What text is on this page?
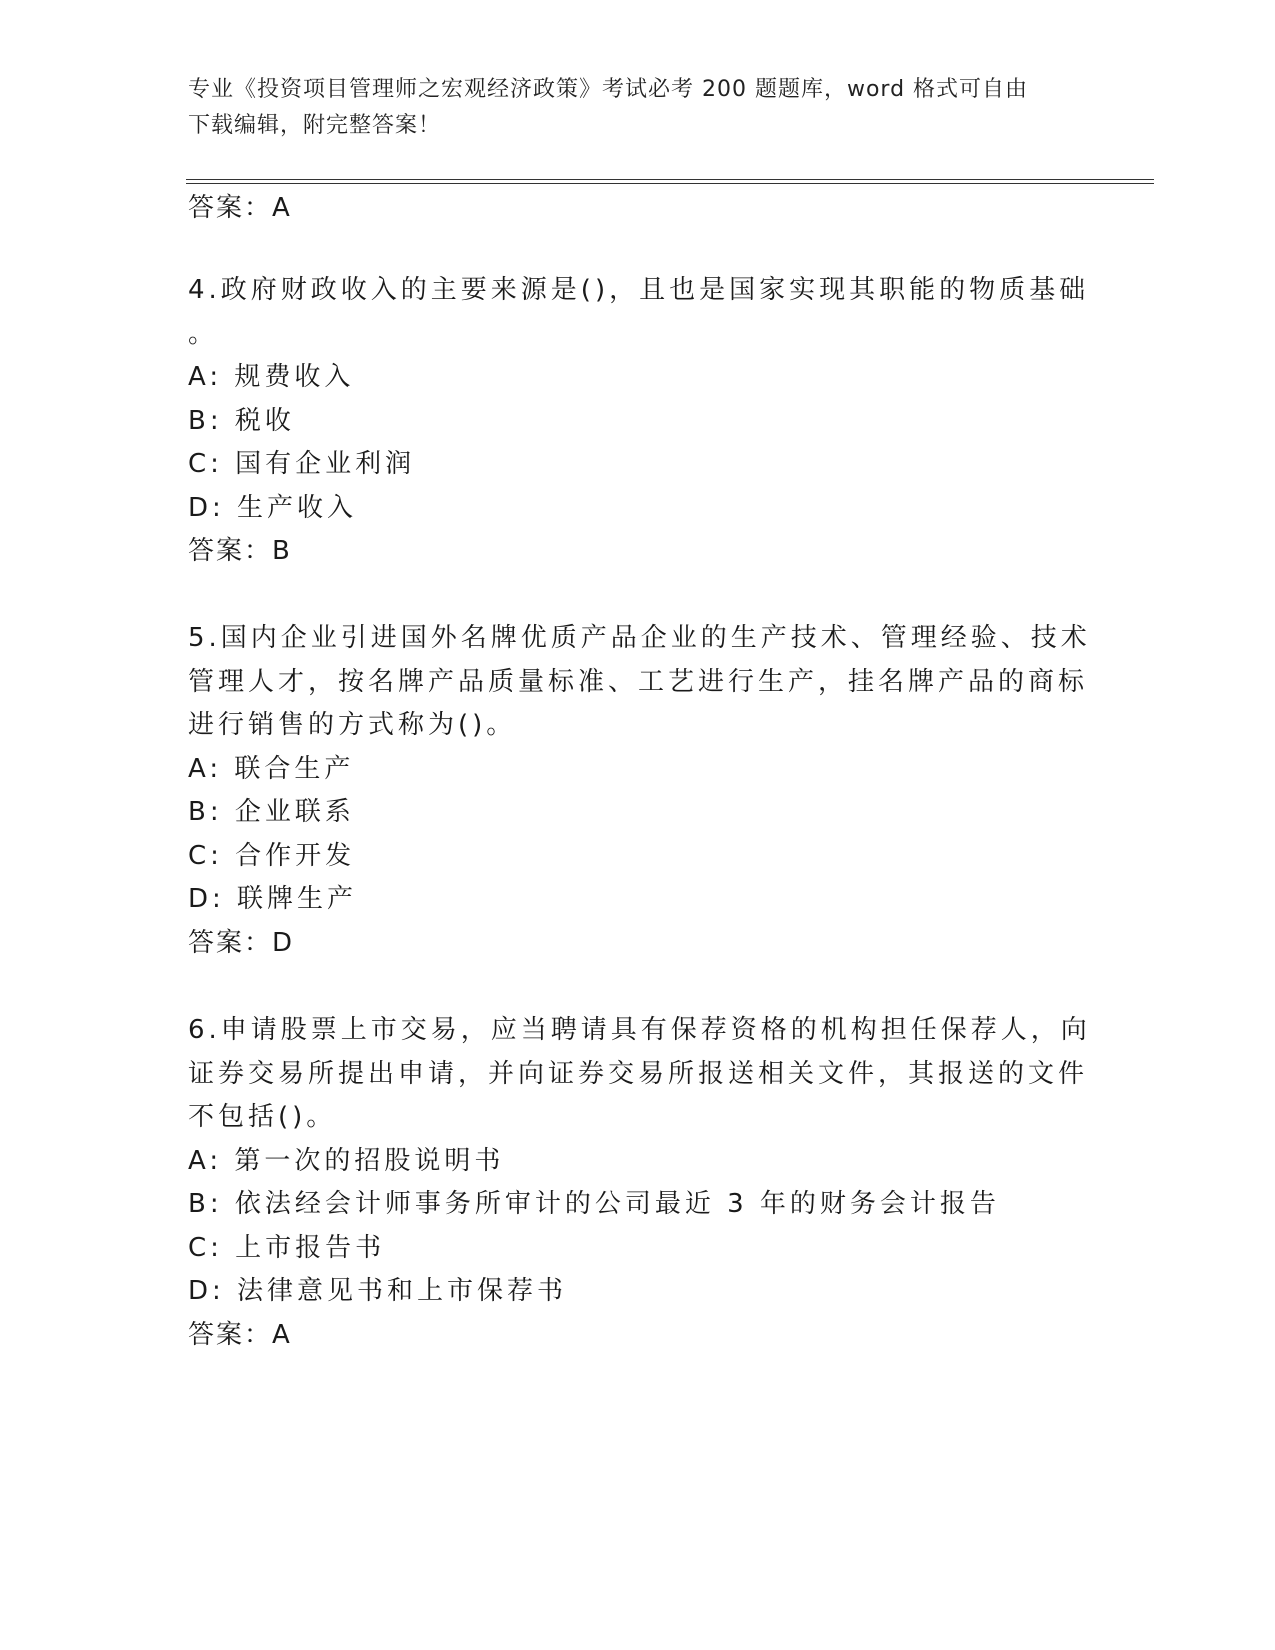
专业《投资项目管理师之宏观经济政策》考试必考 200 题题库，word 格式可自由
下载编辑，附完整答案！
答案：A
4.政府财政收入的主要来源是()，且也是国家实现其职能的物质基础
。
A: 规费收入
B: 税收
C: 国有企业利润
D: 生产收入
答案：B
5.国内企业引进国外名牌优质产品企业的生产技术、管理经验、技术
管理人才，按名牌产品质量标准、工艺进行生产，挂名牌产品的商标
进行销售的方式称为()。
A: 联合生产
B: 企业联系
C: 合作开发
D: 联牌生产
答案：D
6.申请股票上市交易，应当聘请具有保荐资格的机构担任保荐人，向
证券交易所提出申请，并向证券交易所报送相关文件，其报送的文件
不包括()。
A: 第一次的招股说明书
B: 依法经会计师事务所审计的公司最近 3 年的财务会计报告
C: 上市报告书
D: 法律意见书和上市保荐书
答案：A
